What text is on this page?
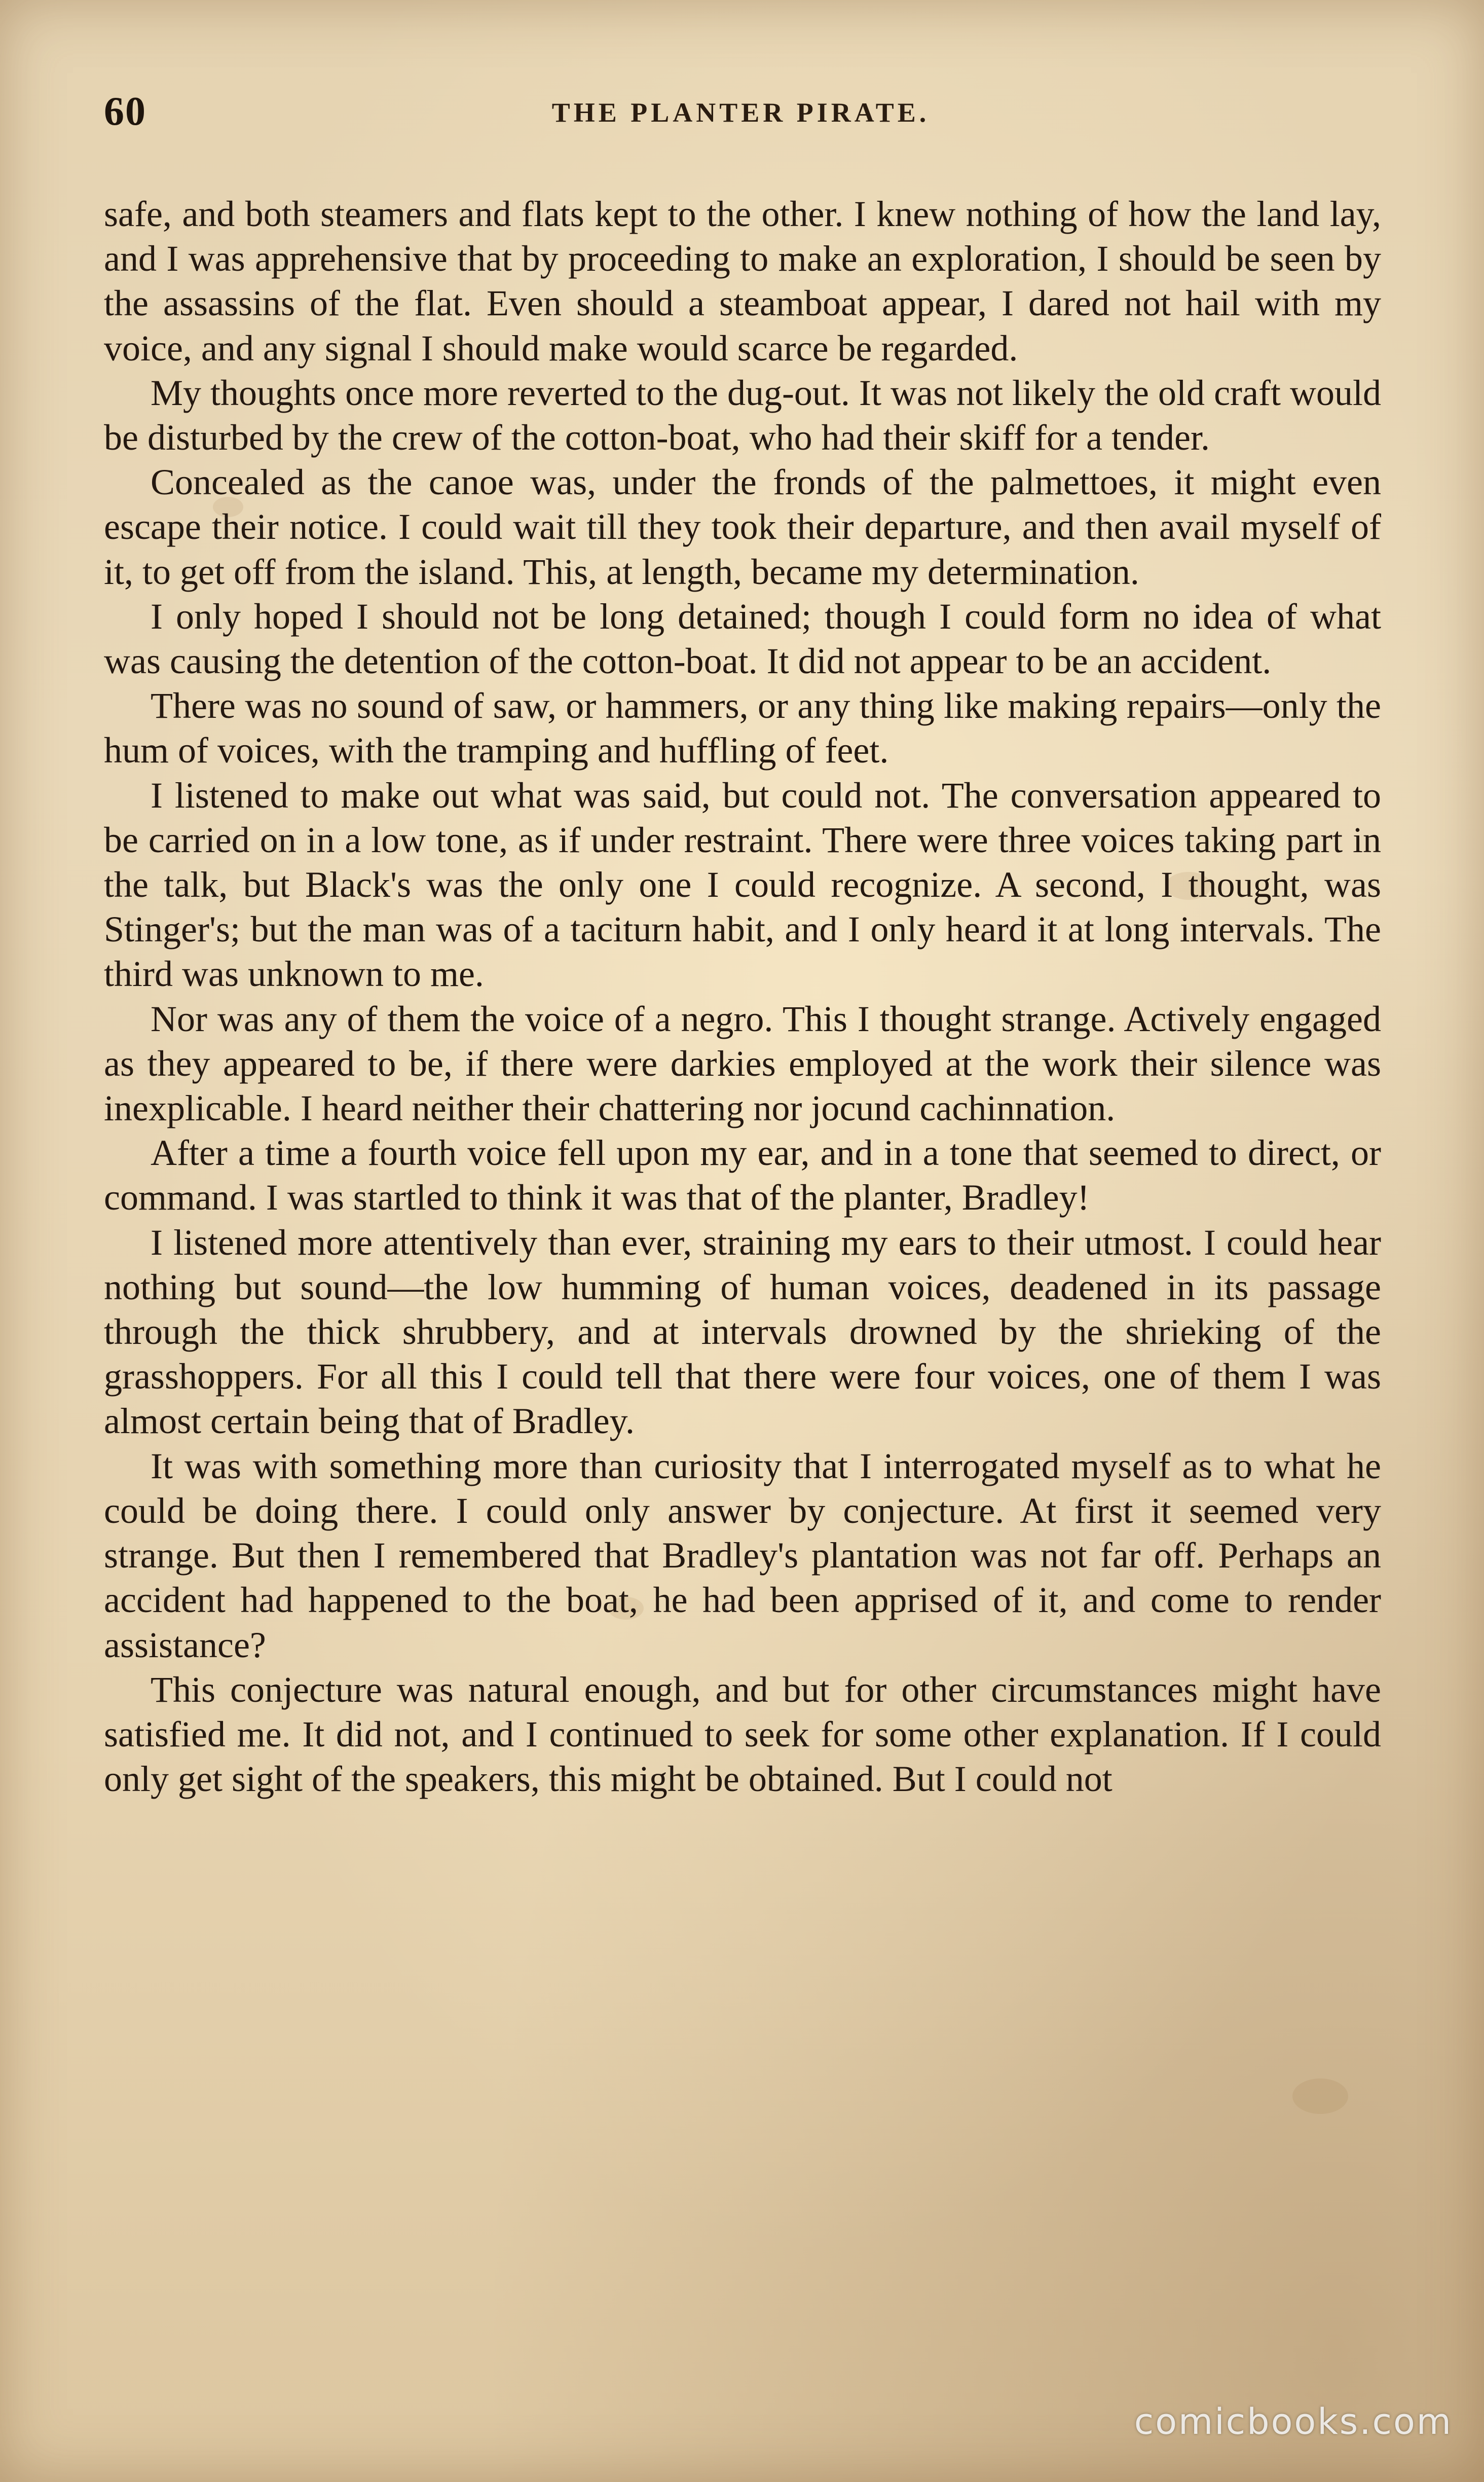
60	THE PLANTER PIRATE.

safe, and both steamers and flats kept to the other. I knew nothing of how the land lay, and I was apprehensive that by proceeding to make an exploration, I should be seen by the assassins of the flat. Even should a steamboat appear, I dared not hail with my voice, and any signal I should make would scarce be regarded.

My thoughts once more reverted to the dug-out. It was not likely the old craft would be disturbed by the crew of the cotton-boat, who had their skiff for a tender.

Concealed as the canoe was, under the fronds of the palmettoes, it might even escape their notice. I could wait till they took their departure, and then avail myself of it, to get off from the island. This, at length, became my determination.

I only hoped I should not be long detained; though I could form no idea of what was causing the detention of the cotton-boat. It did not appear to be an accident.

There was no sound of saw, or hammers, or any thing like making repairs—only the hum of voices, with the tramping and huffling of feet.

I listened to make out what was said, but could not. The conversation appeared to be carried on in a low tone, as if under restraint. There were three voices taking part in the talk, but Black's was the only one I could recognize. A second, I thought, was Stinger's; but the man was of a taciturn habit, and I only heard it at long intervals. The third was unknown to me.

Nor was any of them the voice of a negro. This I thought strange. Actively engaged as they appeared to be, if there were darkies employed at the work their silence was inexplicable. I heard neither their chattering nor jocund cachinnation.

After a time a fourth voice fell upon my ear, and in a tone that seemed to direct, or command. I was startled to think it was that of the planter, Bradley!

I listened more attentively than ever, straining my ears to their utmost. I could hear nothing but sound—the low humming of human voices, deadened in its passage through the thick shrubbery, and at intervals drowned by the shrieking of the grasshoppers. For all this I could tell that there were four voices, one of them I was almost certain being that of Bradley.

It was with something more than curiosity that I interrogated myself as to what he could be doing there. I could only answer by conjecture. At first it seemed very strange. But then I remembered that Bradley's plantation was not far off. Perhaps an accident had happened to the boat, he had been apprised of it, and come to render assistance?

This conjecture was natural enough, and but for other circumstances might have satisfied me. It did not, and I continued to seek for some other explanation. If I could only get sight of the speakers, this might be obtained. But I could not

comicbooks.com
